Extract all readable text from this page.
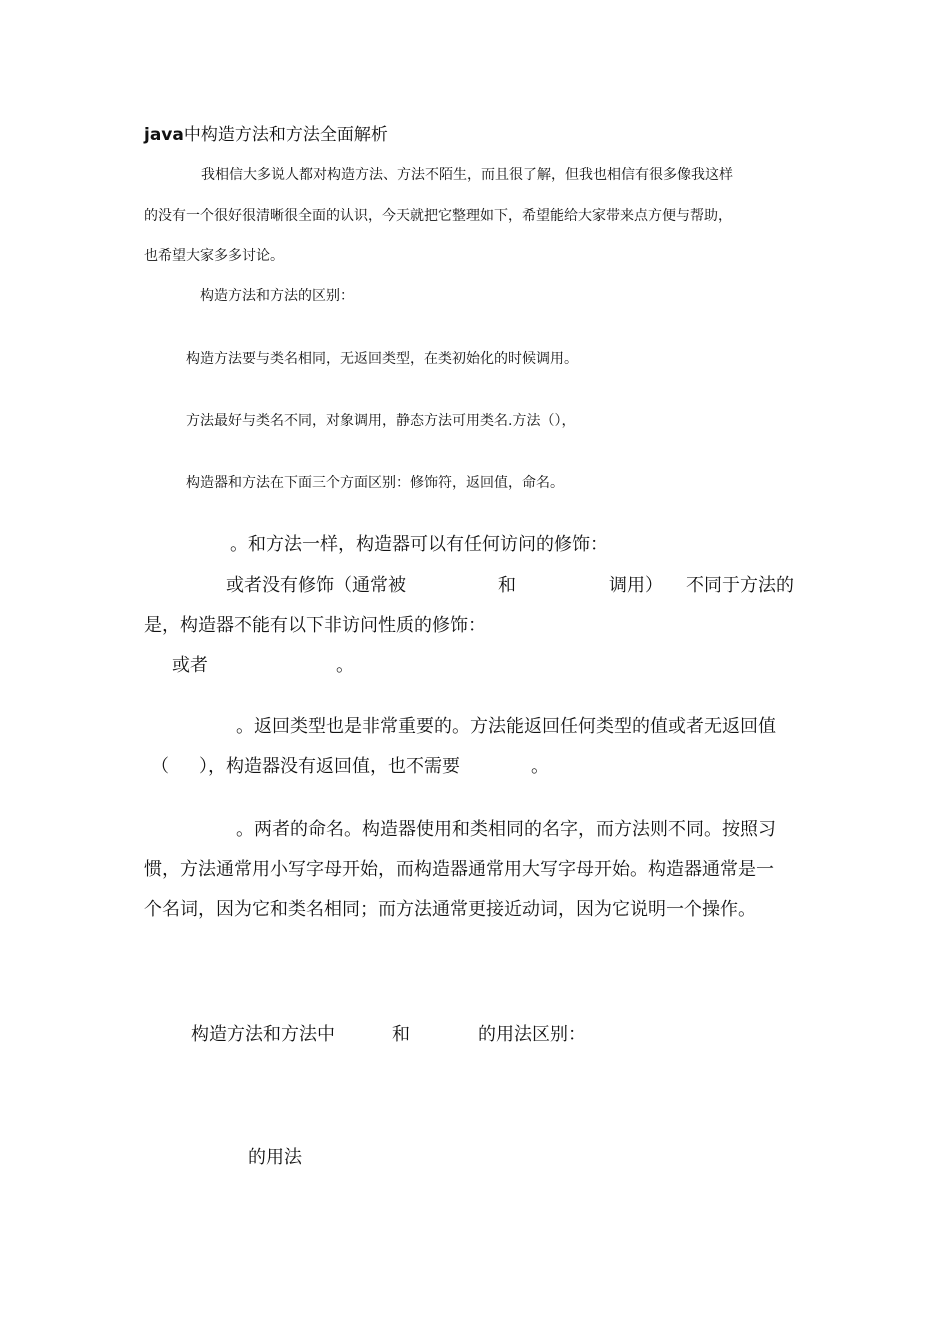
java中构造方法和方法全面解析

我相信大多说人都对构造方法、方法不陌生，而且很了解，但我也相信有很多像我这样

的没有一个很好很清晰很全面的认识，今天就把它整理如下，希望能给大家带来点方便与帮助，

也希望大家多多讨论。

构造方法和方法的区别：

构造方法要与类名相同，无返回类型，在类初始化的时候调用。

方法最好与类名不同，对象调用，静态方法可用类名.方法（），

构造器和方法在下面三个方面区别：修饰符，返回值，命名。

。和方法一样，构造器可以有任何访问的修饰：

或者没有修饰（通常被	和	调用） 不同于方法的

是，构造器不能有以下非访问性质的修饰：

或者	。

。返回类型也是非常重要的。方法能返回任何类型的值或者无返回值

（ ），构造器没有返回值，也不需要	。

。两者的命名。构造器使用和类相同的名字，而方法则不同。按照习

惯，方法通常用小写字母开始，而构造器通常用大写字母开始。构造器通常是一

个名词，因为它和类名相同；而方法通常更接近动词，因为它说明一个操作。

构造方法和方法中	和	的用法区别：

的用法
